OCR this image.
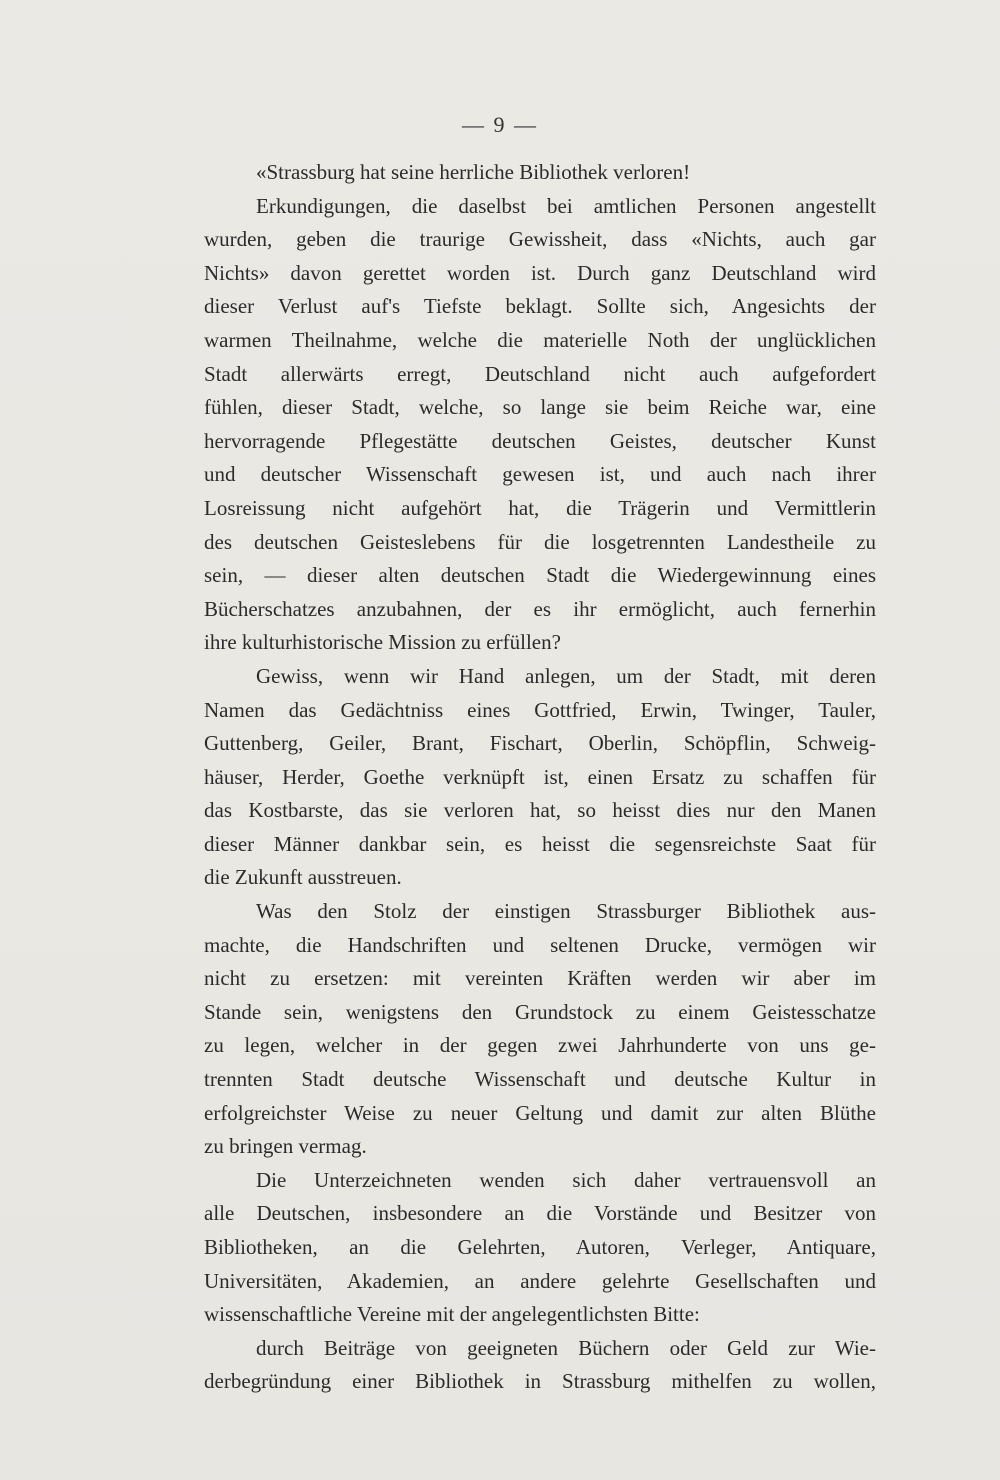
— 9 —
«Strassburg hat seine herrliche Bibliothek verloren!
Erkundigungen, die daselbst bei amtlichen Personen angestellt
wurden, geben die traurige Gewissheit, dass «Nichts, auch gar
Nichts» davon gerettet worden ist. Durch ganz Deutschland wird
dieser Verlust auf's Tiefste beklagt. Sollte sich, Angesichts der
warmen Theilnahme, welche die materielle Noth der unglücklichen
Stadt allerwärts erregt, Deutschland nicht auch aufgefordert
fühlen, dieser Stadt, welche, so lange sie beim Reiche war, eine
hervorragende Pflegestätte deutschen Geistes, deutscher Kunst
und deutscher Wissenschaft gewesen ist, und auch nach ihrer
Losreissung nicht aufgehört hat, die Trägerin und Vermittlerin
des deutschen Geisteslebens für die losgetrennten Landestheile zu
sein, — dieser alten deutschen Stadt die Wiedergewinnung eines
Bücherschatzes anzubahnen, der es ihr ermöglicht, auch fernerhin
ihre kulturhistorische Mission zu erfüllen?
Gewiss, wenn wir Hand anlegen, um der Stadt, mit deren
Namen das Gedächtniss eines Gottfried, Erwin, Twinger, Tauler,
Guttenberg, Geiler, Brant, Fischart, Oberlin, Schöpflin, Schweig-
häuser, Herder, Goethe verknüpft ist, einen Ersatz zu schaffen für
das Kostbarste, das sie verloren hat, so heisst dies nur den Manen
dieser Männer dankbar sein, es heisst die segensreichste Saat für
die Zukunft ausstreuen.
Was den Stolz der einstigen Strassburger Bibliothek aus-
machte, die Handschriften und seltenen Drucke, vermögen wir
nicht zu ersetzen: mit vereinten Kräften werden wir aber im
Stande sein, wenigstens den Grundstock zu einem Geistesschatze
zu legen, welcher in der gegen zwei Jahrhunderte von uns ge-
trennten Stadt deutsche Wissenschaft und deutsche Kultur in
erfolgreichster Weise zu neuer Geltung und damit zur alten Blüthe
zu bringen vermag.
Die Unterzeichneten wenden sich daher vertrauensvoll an
alle Deutschen, insbesondere an die Vorstände und Besitzer von
Bibliotheken, an die Gelehrten, Autoren, Verleger, Antiquare,
Universitäten, Akademien, an andere gelehrte Gesellschaften und
wissenschaftliche Vereine mit der angelegentlichsten Bitte:
durch Beiträge von geeigneten Büchern oder Geld zur Wie-
derbegründung einer Bibliothek in Strassburg mithelfen zu wollen,
